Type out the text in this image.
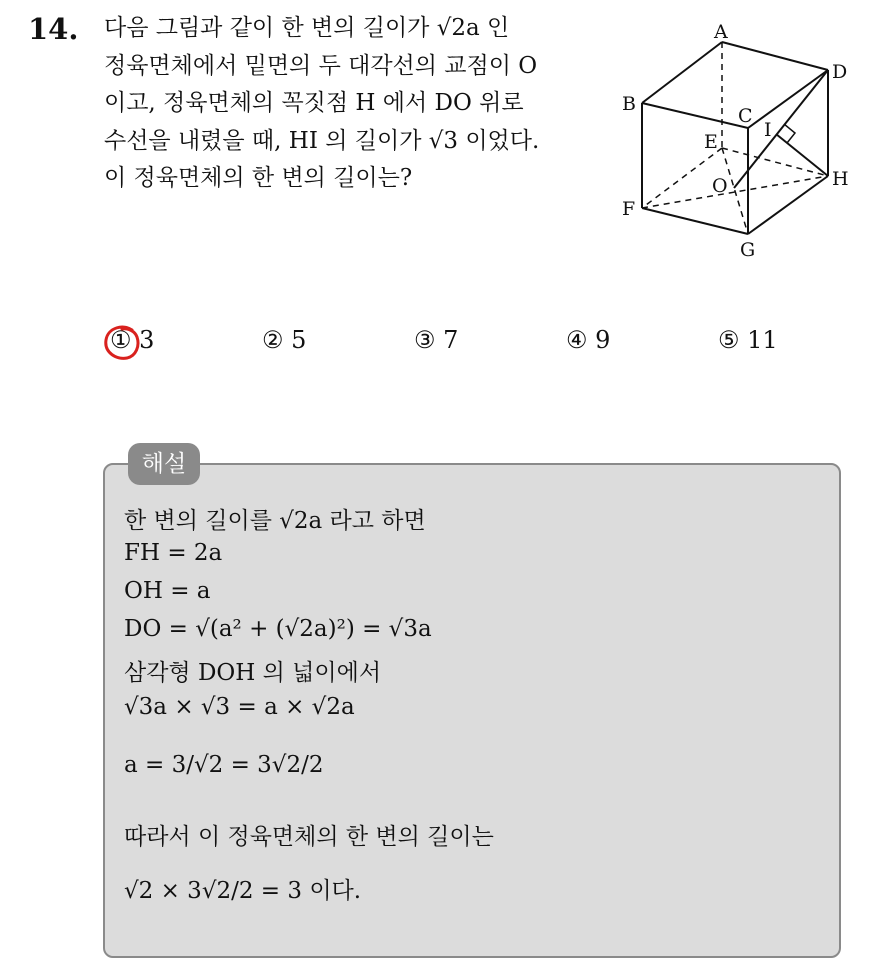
14. 다음 그림과 같이 한 변의 길이가 √2a 인
정육면체에서 밑면의 두 대각선의 교점이 O
이고, 정육면체의 꼭짓점 H 에서 DO 위로
수선을 내렸을 때, HI 의 길이가 √3 이었다.
이 정육면체의 한 변의 길이는?
A
B
C
D
E
F
G
H
I
O
① 3	② 5	③ 7	④ 9	⑤ 11
해설
한 변의 길이를 √2a 라고 하면
FH = 2a
OH = a
DO = √(a² + (√2a)²) = √3a
삼각형 DOH 의 넓이에서
√3a × √3 = a × √2a
a = 3/√2 = 3√2/2
따라서 이 정육면체의 한 변의 길이는
√2 × 3√2/2 = 3 이다.
